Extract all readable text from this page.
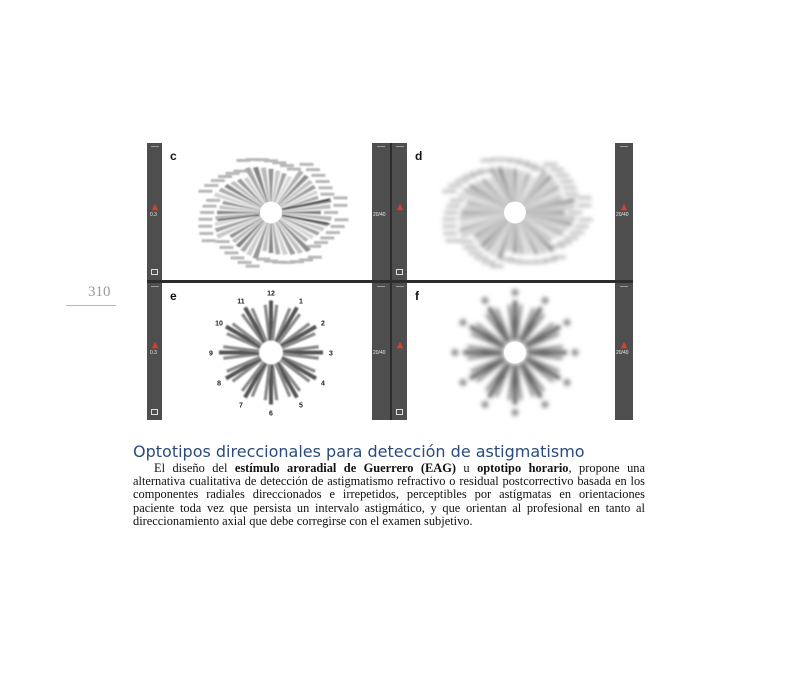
310
0.3
c
20/40
d
20/40
0.3
e	12
1
2
3
4
5
6
7
8
9
10
11
20/40
f
20/40
Optotipos direccionales para detección de astigmatismo

El diseño del estímulo aroradial de Guerrero (EAG) u optotipo horario, propone una alternativa cualitativa de detección de astigmatismo refractivo o residual postcorrectivo basada en los componentes radiales direccionados e irrepetidos, perceptibles por astígmatas en orientaciones paciente toda vez que persista un intervalo astigmático, y que orientan al profesional en tanto al direccionamiento axial que debe corregirse con el examen subjetivo.
